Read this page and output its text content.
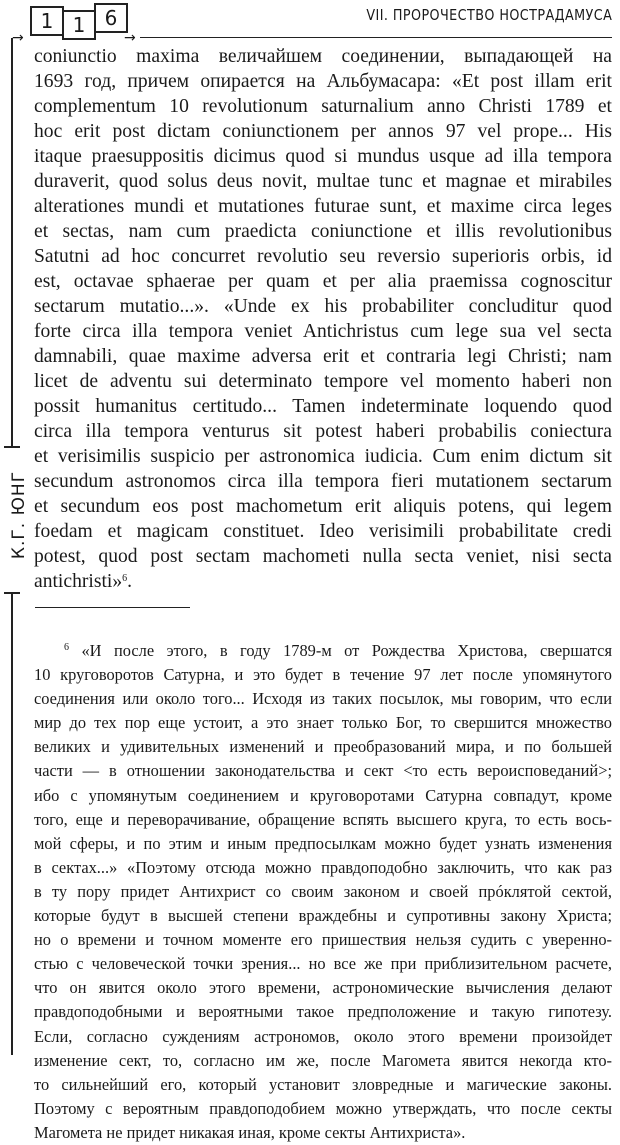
1 1 6
→	→
VII. ПРОРОЧЕСТВО НОСТРАДАМУСА
К.Г. ЮНГ
coniunctio maxima величайшем соединении, выпадающей на
1693 год, причем опирается на Альбумасара: «Et post illam erit
complementum 10 revolutionum saturnalium anno Christi 1789 et
hoc erit post dictam coniunctionem per annos 97 vel prope... His
itaque praesuppositis dicimus quod si mundus usque ad illa tempora
duraverit, quod solus deus novit, multae tunc et magnae et mirabiles
alterationes mundi et mutationes futurae sunt, et maxime circa leges
et sectas, nam cum praedicta coniunctione et illis revolutionibus
Satutni ad hoc concurret revolutio seu reversio superioris orbis, id
est, octavae sphaerae per quam et per alia praemissa cognoscitur
sectarum mutatio...». «Unde ex his probabiliter concluditur quod
forte circa illa tempora veniet Antichristus cum lege sua vel secta
damnabili, quae maxime adversa erit et contraria legi Christi; nam
licet de adventu sui determinato tempore vel momento haberi non
possit humanitus certitudo... Tamen indeterminate loquendo quod
circa illa tempora venturus sit potest haberi probabilis coniectura
et verisimilis suspicio per astronomica iudicia. Cum enim dictum sit
secundum astronomos circa illa tempora fieri mutationem sectarum
et secundum eos post machometum erit aliquis potens, qui legem
foedam et magicam constituet. Ideo verisimili probabilitate credi
potest, quod post sectam machometi nulla secta veniet, nisi secta
antichristi»$^6$.
$^6$ «И после этого, в году 1789-м от Рождества Христова, свершатся
10 круговоротов Сатурна, и это будет в течение 97 лет после упомянутого
соединения или около того... Исходя из таких посылок, мы говорим, что если
мир до тех пор еще устоит, а это знает только Бог, то свершится множество
великих и удивительных изменений и преобразований мира, и по большей
части — в отношении законодательства и сект <то есть вероисповеданий>;
ибо с упомянутым соединением и круговоротами Сатурна совпадут, кроме
того, еще и переворачивание, обращение вспять высшего круга, то есть вось-
мой сферы, и по этим и иным предпосылкам можно будет узнать изменения
в сектах...» «Поэтому отсюда можно правдоподобно заключить, что как раз
в ту пору придет Антихрист со своим законом и своей прóклятой сектой,
которые будут в высшей степени враждебны и супротивны закону Христа;
но о времени и точном моменте его пришествия нельзя судить с уверенно-
стью с человеческой точки зрения... но все же при приблизительном расчете,
что он явится около этого времени, астрономические вычисления делают
правдоподобными и вероятными такое предположение и такую гипотезу.
Если, согласно суждениям астрономов, около этого времени произойдет
изменение сект, то, согласно им же, после Магомета явится некогда кто-
то сильнейший его, который установит зловредные и магические законы.
Поэтому с вероятным правдоподобием можно утверждать, что после секты
Магомета не придет никакая иная, кроме секты Антихриста».
